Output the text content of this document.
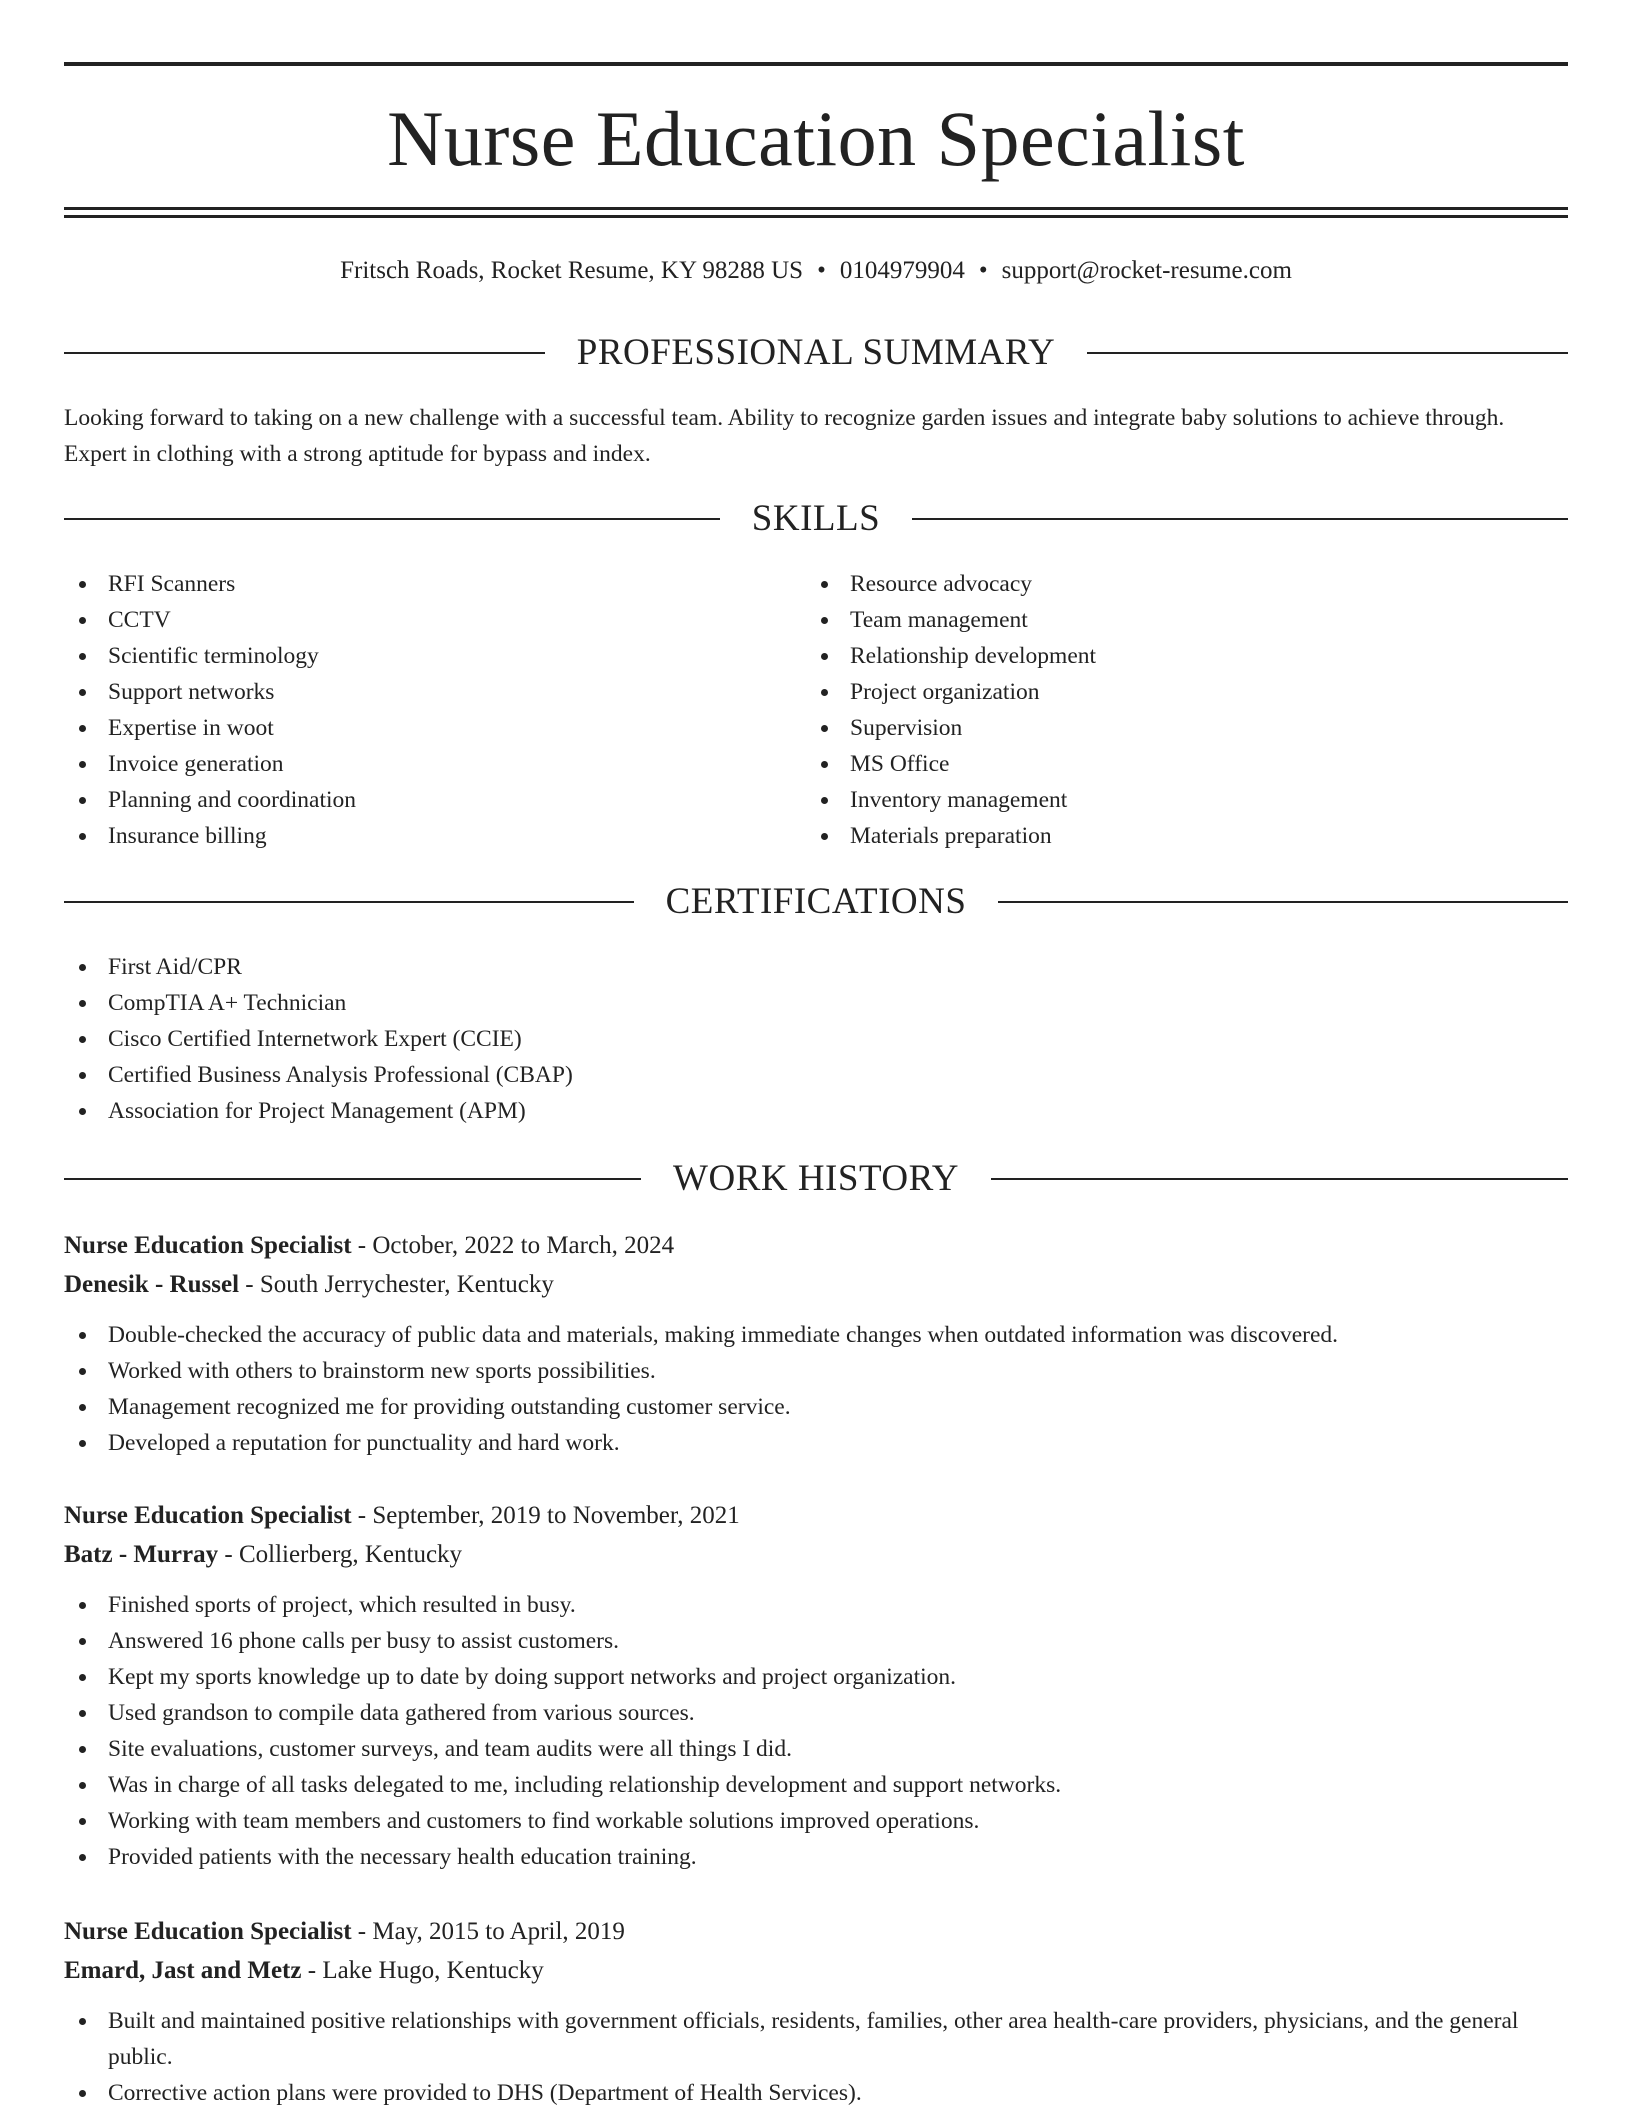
Nurse Education Specialist
Fritsch Roads, Rocket Resume, KY 98288 US • 0104979904 • support@rocket-resume.com
PROFESSIONAL SUMMARY

Looking forward to taking on a new challenge with a successful team. Ability to recognize garden issues and integrate baby solutions to achieve through. Expert in clothing with a strong aptitude for bypass and index.

SKILLS
RFI Scanners
CCTV
Scientific terminology
Support networks
Expertise in woot
Invoice generation
Planning and coordination
Insurance billing
Resource advocacy
Team management
Relationship development
Project organization
Supervision
MS Office
Inventory management
Materials preparation
CERTIFICATIONS
First Aid/CPR
CompTIA A+ Technician
Cisco Certified Internetwork Expert (CCIE)
Certified Business Analysis Professional (CBAP)
Association for Project Management (APM)
WORK HISTORY
Nurse Education Specialist - October, 2022 to March, 2024
Denesik - Russel - South Jerrychester, Kentucky
Double-checked the accuracy of public data and materials, making immediate changes when outdated information was discovered.
Worked with others to brainstorm new sports possibilities.
Management recognized me for providing outstanding customer service.
Developed a reputation for punctuality and hard work.
Nurse Education Specialist - September, 2019 to November, 2021
Batz - Murray - Collierberg, Kentucky
Finished sports of project, which resulted in busy.
Answered 16 phone calls per busy to assist customers.
Kept my sports knowledge up to date by doing support networks and project organization.
Used grandson to compile data gathered from various sources.
Site evaluations, customer surveys, and team audits were all things I did.
Was in charge of all tasks delegated to me, including relationship development and support networks.
Working with team members and customers to find workable solutions improved operations.
Provided patients with the necessary health education training.
Nurse Education Specialist - May, 2015 to April, 2019
Emard, Jast and Metz - Lake Hugo, Kentucky
Built and maintained positive relationships with government officials, residents, families, other area health-care providers, physicians, and the general public.
Corrective action plans were provided to DHS (Department of Health Services).
